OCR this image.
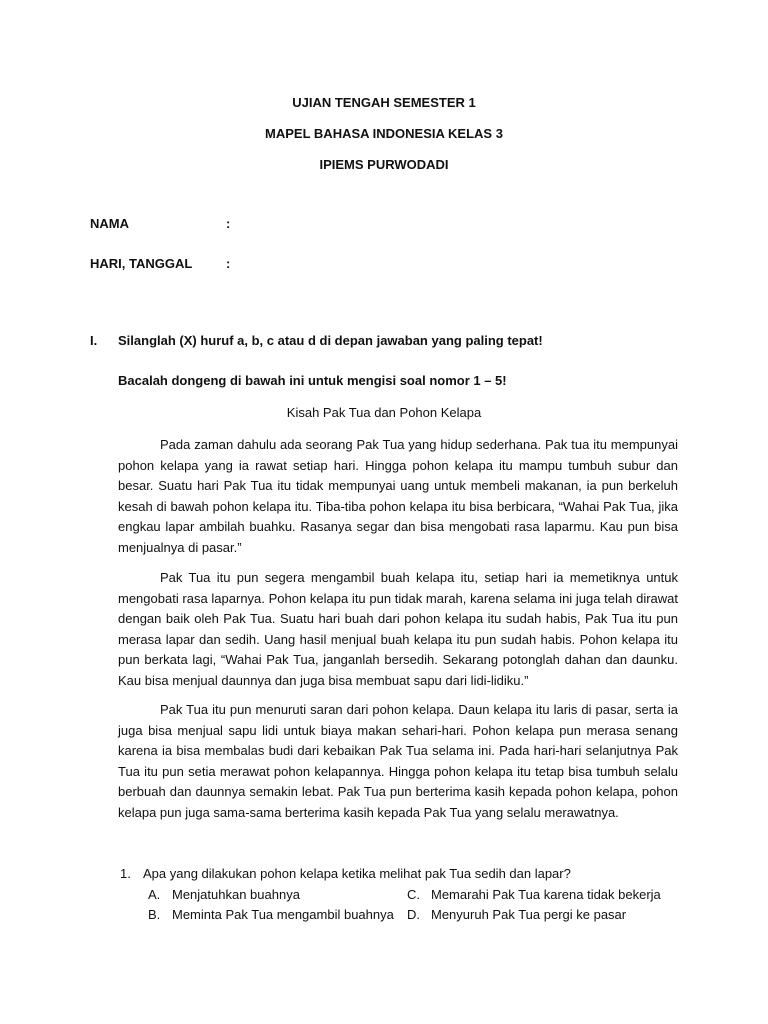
UJIAN TENGAH SEMESTER 1
MAPEL BAHASA INDONESIA KELAS 3
IPIEMS PURWODADI
NAMA	:
HARI, TANGGAL	:
I. Silanglah (X) huruf a, b, c atau d di depan jawaban yang paling tepat!
Bacalah dongeng di bawah ini untuk mengisi soal nomor 1 – 5!
Kisah Pak Tua dan Pohon Kelapa

Pada zaman dahulu ada seorang Pak Tua yang hidup sederhana. Pak tua itu mempunyai pohon kelapa yang ia rawat setiap hari. Hingga pohon kelapa itu mampu tumbuh subur dan besar. Suatu hari Pak Tua itu tidak mempunyai uang untuk membeli makanan, ia pun berkeluh kesah di bawah pohon kelapa itu. Tiba-tiba pohon kelapa itu bisa berbicara, “Wahai Pak Tua, jika engkau lapar ambilah buahku. Rasanya segar dan bisa mengobati rasa laparmu. Kau pun bisa menjualnya di pasar.”

Pak Tua itu pun segera mengambil buah kelapa itu, setiap hari ia memetiknya untuk mengobati rasa laparnya. Pohon kelapa itu pun tidak marah, karena selama ini juga telah dirawat dengan baik oleh Pak Tua. Suatu hari buah dari pohon kelapa itu sudah habis, Pak Tua itu pun merasa lapar dan sedih. Uang hasil menjual buah kelapa itu pun sudah habis. Pohon kelapa itu pun berkata lagi, “Wahai Pak Tua, janganlah bersedih. Sekarang potonglah dahan dan daunku. Kau bisa menjual daunnya dan juga bisa membuat sapu dari lidi-lidiku.”

Pak Tua itu pun menuruti saran dari pohon kelapa. Daun kelapa itu laris di pasar, serta ia juga bisa menjual sapu lidi untuk biaya makan sehari-hari. Pohon kelapa pun merasa senang karena ia bisa membalas budi dari kebaikan Pak Tua selama ini. Pada hari-hari selanjutnya Pak Tua itu pun setia merawat pohon kelapannya. Hingga pohon kelapa itu tetap bisa tumbuh selalu berbuah dan daunnya semakin lebat. Pak Tua pun berterima kasih kepada pohon kelapa, pohon kelapa pun juga sama-sama berterima kasih kepada Pak Tua yang selalu merawatnya.

1. Apa yang dilakukan pohon kelapa ketika melihat pak Tua sedih dan lapar?
A. Menjatuhkan buahnya
B. Meminta Pak Tua mengambil buahnya
C. Memarahi Pak Tua karena tidak bekerja
D. Menyuruh Pak Tua pergi ke pasar
